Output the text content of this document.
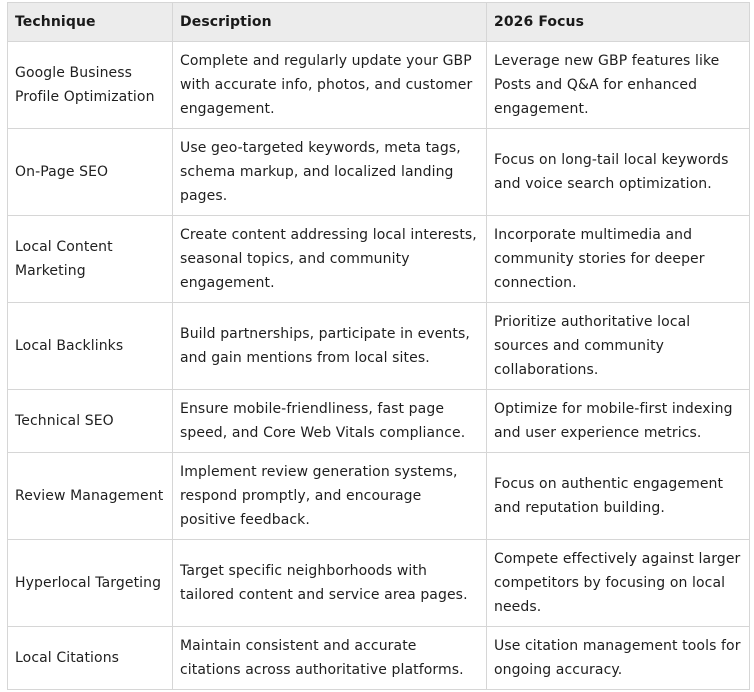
Technique	Description	2026 Focus
Google Business Profile Optimization	Complete and regularly update your GBP with accurate info, photos, and customer engagement.	Leverage new GBP features like Posts and Q&A for enhanced engagement.
On-Page SEO	Use geo-targeted keywords, meta tags, schema markup, and localized landing pages.	Focus on long-tail local keywords and voice search optimization.
Local Content Marketing	Create content addressing local interests, seasonal topics, and community engagement.	Incorporate multimedia and community stories for deeper connection.
Local Backlinks	Build partnerships, participate in events, and gain mentions from local sites.	Prioritize authoritative local sources and community collaborations.
Technical SEO	Ensure mobile-friendliness, fast page speed, and Core Web Vitals compliance.	Optimize for mobile-first indexing and user experience metrics.
Review Management	Implement review generation systems, respond promptly, and encourage positive feedback.	Focus on authentic engagement and reputation building.
Hyperlocal Targeting	Target specific neighborhoods with tailored content and service area pages.	Compete effectively against larger competitors by focusing on local needs.
Local Citations	Maintain consistent and accurate citations across authoritative platforms.	Use citation management tools for ongoing accuracy.
